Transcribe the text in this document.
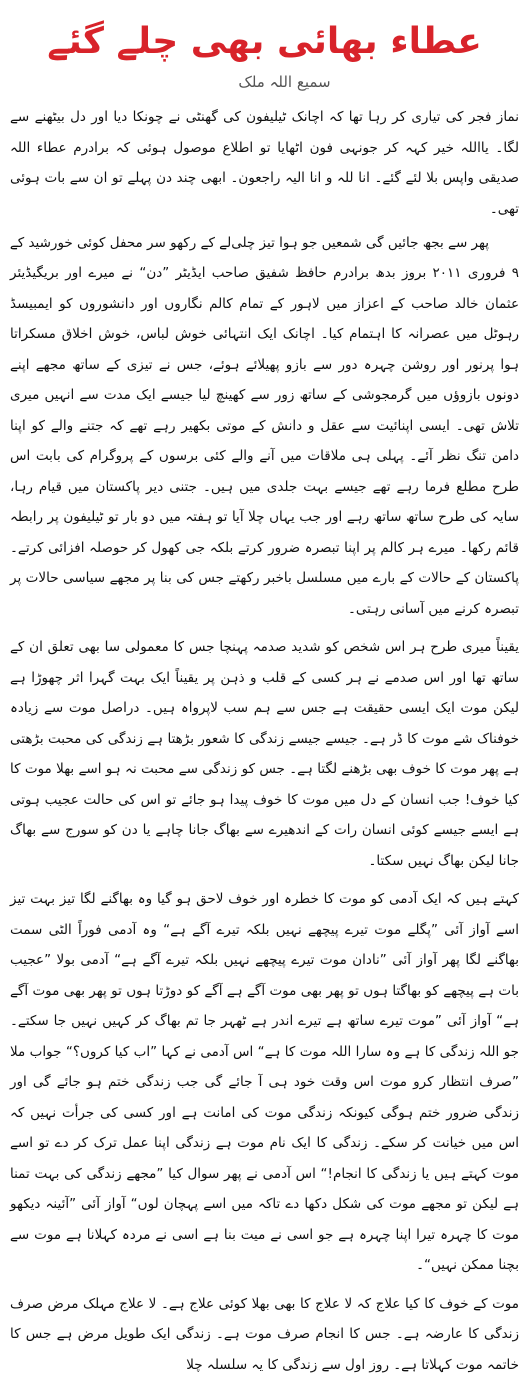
عطاء بھائی بھی چلے گئے
سمیع اللہ ملک

نماز فجر کی تیاری کر رہا تھا کہ اچانک ٹیلیفون کی گھنٹی نے چونکا دیا اور دل بیٹھنے سے لگا۔ یااللہ خیر کہہ کر جونہی فون اٹھایا تو اطلاع موصول ہوئی کہ برادرم عطاء اللہ صدیقی واپس بلا لئے گئے۔ انا للہ و انا الیہ راجعون۔ ابھی چند دن پہلے تو ان سے بات ہوئی تھی۔

پھر سے بجھ جائیں گی شمعیں جو ہوا تیز چلی
لے کے رکھو سر محفل کوئی خورشید کے

۹ فروری ۲۰۱۱ بروز بدھ برادرم حافظ شفیق صاحب ایڈیٹر ”دن“ نے میرے اور بریگیڈیئر عثمان خالد صاحب کے اعزاز میں لاہور کے تمام کالم نگاروں اور دانشوروں کو ایمبیسڈ رہوٹل میں عصرانہ کا اہتمام کیا۔ اچانک ایک انتہائی خوش لباس، خوش اخلاق مسکراتا ہوا پرنور اور روشن چہرہ دور سے بازو پھیلائے ہوئے، جس نے تیزی کے ساتھ مجھے اپنے دونوں بازوؤں میں گرمجوشی کے ساتھ زور سے کھینچ لیا جیسے ایک مدت سے انہیں میری تلاش تھی۔ ایسی اپنائیت سے عقل و دانش کے موتی بکھیر رہے تھے کہ جتنے والے کو اپنا دامن تنگ نظر آئے۔ پہلی ہی ملاقات میں آنے والے کئی برسوں کے پروگرام کی بابت اس طرح مطلع فرما رہے تھے جیسے بہت جلدی میں ہیں۔ جتنی دیر پاکستان میں قیام رہا، سایہ کی طرح ساتھ ساتھ رہے اور جب یہاں چلا آیا تو ہفتہ میں دو بار تو ٹیلیفون پر رابطہ قائم رکھا۔ میرے ہر کالم پر اپنا تبصرہ ضرور کرتے بلکہ جی کھول کر حوصلہ افزائی کرتے۔ پاکستان کے حالات کے بارے میں مسلسل باخبر رکھتے جس کی بنا پر مجھے سیاسی حالات پر تبصرہ کرنے میں آسانی رہتی۔

یقیناً میری طرح ہر اس شخص کو شدید صدمہ پہنچا جس کا معمولی سا بھی تعلق ان کے ساتھ تھا اور اس صدمے نے ہر کسی کے قلب و ذہن پر یقیناً ایک بہت گہرا اثر چھوڑا ہے لیکن موت ایک ایسی حقیقت ہے جس سے ہم سب لاپرواہ ہیں۔ دراصل موت سے زیادہ خوفناک شے موت کا ڈر ہے۔ جیسے جیسے زندگی کا شعور بڑھتا ہے زندگی کی محبت بڑھتی ہے پھر موت کا خوف بھی بڑھنے لگتا ہے۔ جس کو زندگی سے محبت نہ ہو اسے بھلا موت کا کیا خوف! جب انسان کے دل میں موت کا خوف پیدا ہو جائے تو اس کی حالت عجیب ہوتی ہے ایسے جیسے کوئی انسان رات کے اندھیرے سے بھاگ جانا چاہے یا دن کو سورج سے بھاگ جانا لیکن بھاگ نہیں سکتا۔

کہتے ہیں کہ ایک آدمی کو موت کا خطرہ اور خوف لاحق ہو گیا وہ بھاگنے لگا تیز بہت تیز اسے آواز آئی ”پگلے موت تیرے پیچھے نہیں بلکہ تیرے آگے ہے“ وہ آدمی فوراً الٹی سمت بھاگنے لگا پھر آواز آئی ”نادان موت تیرے پیچھے نہیں بلکہ تیرے آگے ہے“ آدمی بولا ”عجیب بات ہے پیچھے کو بھاگتا ہوں تو پھر بھی موت آگے ہے آگے کو دوڑتا ہوں تو پھر بھی موت آگے ہے“ آواز آئی ”موت تیرے ساتھ ہے تیرے اندر ہے ٹھہر جا تم بھاگ کر کہیں نہیں جا سکتے۔ جو اللہ زندگی کا ہے وہ سارا اللہ موت کا ہے“ اس آدمی نے کہا ”اب کیا کروں؟“ جواب ملا ”صرف انتظار کرو موت اس وقت خود ہی آ جائے گی جب زندگی ختم ہو جائے گی اور زندگی ضرور ختم ہوگی کیونکہ زندگی موت کی امانت ہے اور کسی کی جرأت نہیں کہ اس میں خیانت کر سکے۔ زندگی کا ایک نام موت ہے زندگی اپنا عمل ترک کر دے تو اسے موت کہتے ہیں یا زندگی کا انجام!“ اس آدمی نے پھر سوال کیا ”مجھے زندگی کی بہت تمنا ہے لیکن تو مجھے موت کی شکل دکھا دے تاکہ میں اسے پہچان لوں“ آواز آئی ”آئینہ دیکھو موت کا چہرہ تیرا اپنا چہرہ ہے جو اسی نے میت بنا ہے اسی نے مردہ کہلانا ہے موت سے بچنا ممکن نہیں“۔

موت کے خوف کا کیا علاج کہ لا علاج کا بھی بھلا کوئی علاج ہے۔ لا علاج مہلک مرض صرف زندگی کا عارضہ ہے۔ جس کا انجام صرف موت ہے۔ زندگی ایک طویل مرض ہے جس کا خاتمہ موت کہلاتا ہے۔ روز اول سے زندگی کا یہ سلسلہ چلا
